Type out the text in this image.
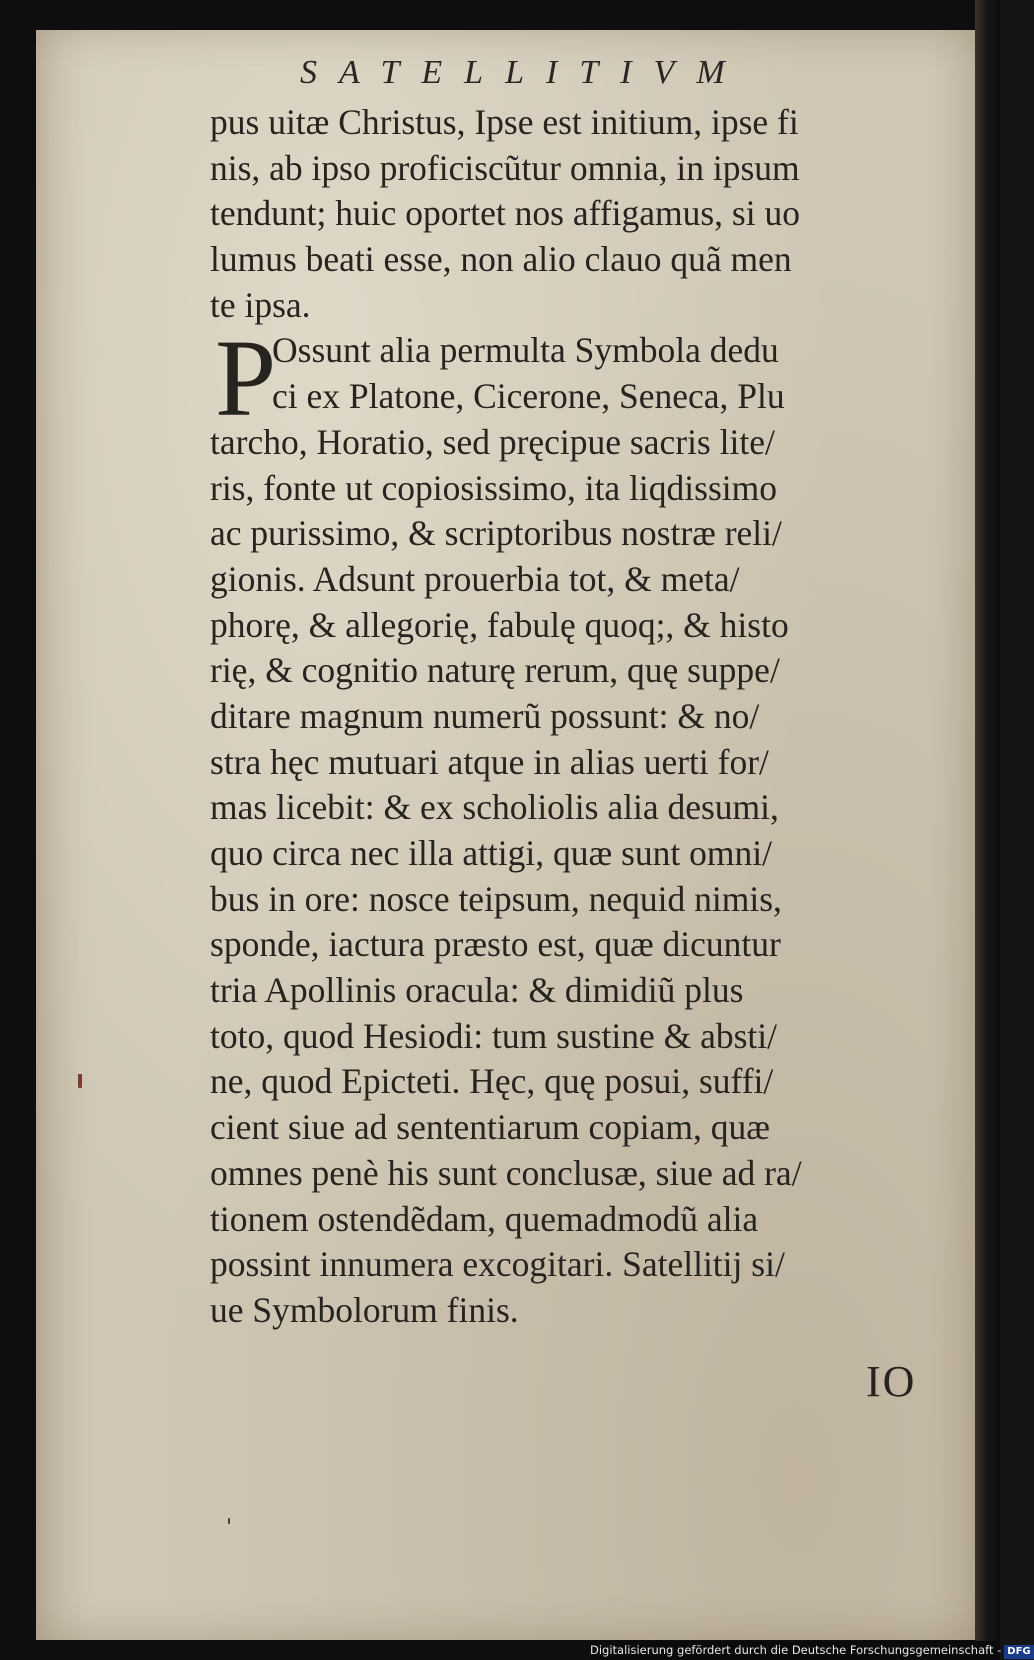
SATELLITIVM
pus uitæ Christus, Ipse est initium, ipse fi
nis, ab ipso proficiscũtur omnia, in ipsum
tendunt; huic oportet nos affigamus, si uo
lumus beati esse, non alio clauo quã men
te ipsa.
Ossunt alia permulta Symbola dedu
ci ex Platone, Cicerone, Seneca, Plu
tarcho, Horatio, sed pręcipue sacris lite/
ris, fonte ut copiosissimo, ita liqdissimo
ac purissimo, & scriptoribus nostræ reli/
gionis. Adsunt prouerbia tot, & meta/
phorę, & allegorię, fabulę quoq;, & histo
rię, & cognitio naturę rerum, quę suppe/
ditare magnum numerũ possunt: & no/
stra hęc mutuari atque in alias uerti for/
mas licebit: & ex scholiolis alia desumi,
quo circa nec illa attigi, quæ sunt omni/
bus in ore: nosce teipsum, nequid nimis,
sponde, iactura præsto est, quæ dicuntur
tria Apollinis oracula: & dimidiũ plus
toto, quod Hesiodi: tum sustine & absti/
ne, quod Epicteti. Hęc, quę posui, suffi/
cient siue ad sententiarum copiam, quæ
omnes penè his sunt conclusæ, siue ad ra/
tionem ostendẽdam, quemadmodũ alia
possint innumera excogitari. Satellitij si/
ue Symbolorum finis.
P
IO
Digitalisierung gefördert durch die Deutsche Forschungsgemeinschaft - DFG
